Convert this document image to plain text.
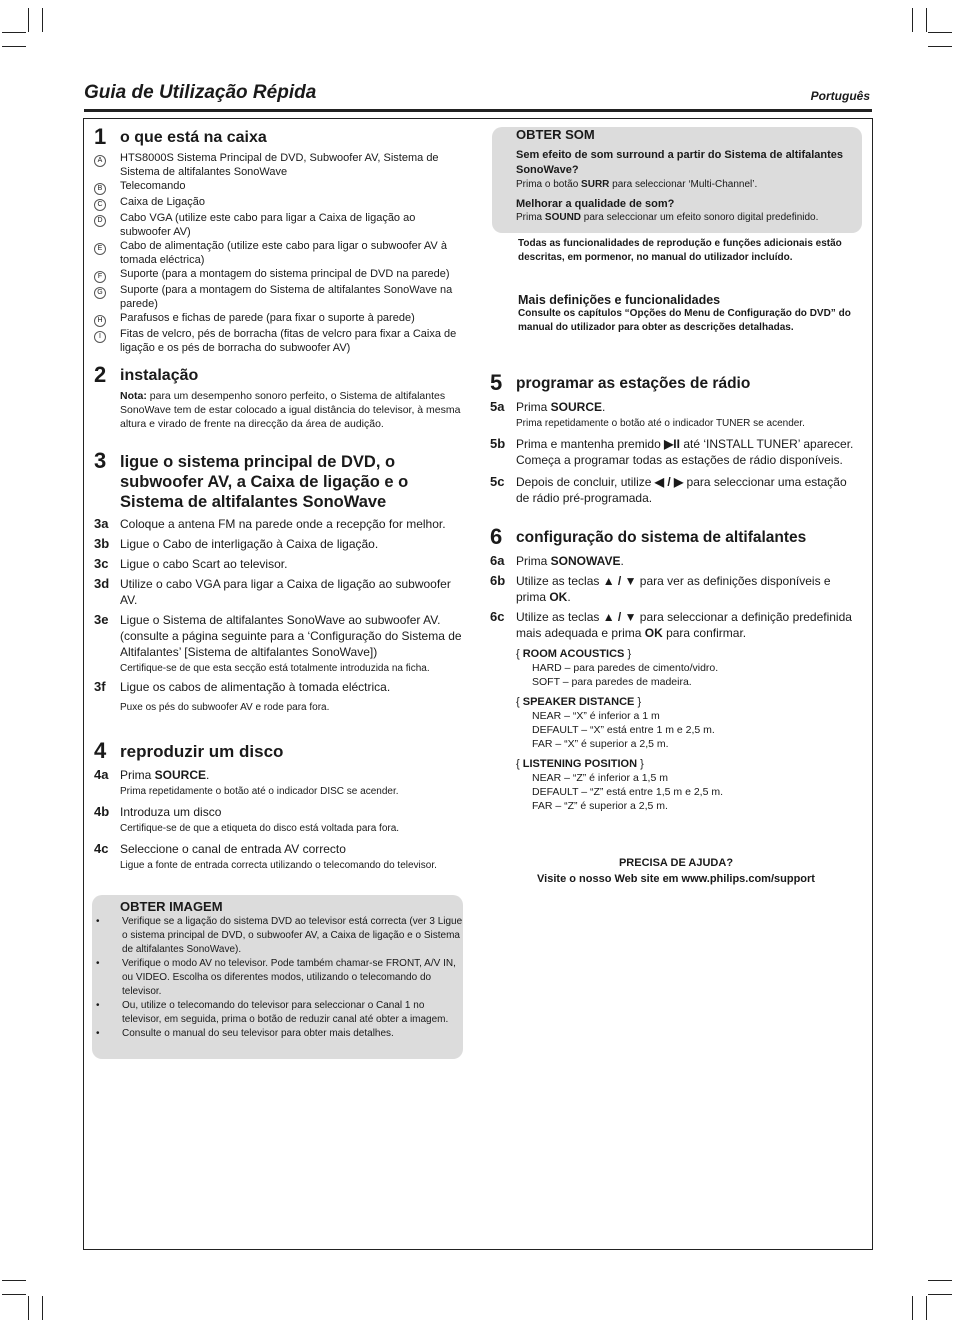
Guia de Utilização Répida	Português
1 o que está na caixa
A	HTS8000S Sistema Principal de DVD, Subwoofer AV, Sistema de Sistema de altifalantes SonoWave
B	Telecomando
C	Caixa de Ligação
D	Cabo VGA (utilize este cabo para ligar a Caixa de ligação ao subwoofer AV)
E	Cabo de alimentação (utilize este cabo para ligar o subwoofer AV à tomada eléctrica)
F	Suporte (para a montagem do sistema principal de DVD na parede)
G	Suporte (para a montagem do Sistema de altifalantes SonoWave na parede)
H	Parafusos e fichas de parede (para fixar o suporte à parede)
I	Fitas de velcro, pés de borracha (fitas de velcro para fixar a Caixa de ligação e os pés de borracha do subwoofer AV)
2 instalação
Nota: para um desempenho sonoro perfeito, o Sistema de altifalantes SonoWave tem de estar colocado a igual distância do televisor, à mesma altura e virado de frente na direcção da área de audição.
3 ligue o sistema principal de DVD, o subwoofer AV, a Caixa de ligação e o Sistema de altifalantes SonoWave
3a Coloque a antena FM na parede onde a recepção for melhor.
3b Ligue o Cabo de interligação à Caixa de ligação.
3c Ligue o cabo Scart ao televisor.
3d Utilize o cabo VGA para ligar a Caixa de ligação ao subwoofer AV.
3e Ligue o Sistema de altifalantes SonoWave ao subwoofer AV. (consulte a página seguinte para a ‘Configuração do Sistema de Altifalantes’ [Sistema de altifalantes SonoWave])
Certifique-se de que esta secção está totalmente introduzida na ficha.
3f	Ligue os cabos de alimentação à tomada eléctrica.
Puxe os pés do subwoofer AV e rode para fora.
4 reproduzir um disco
4a Prima SOURCE.
Prima repetidamente o botão até o indicador DISC se acender.
4b Introduza um disco
Certifique-se de que a etiqueta do disco está voltada para fora.
4c Seleccione o canal de entrada AV correcto
Ligue a fonte de entrada correcta utilizando o telecomando do televisor.
OBTER IMAGEM
•	Verifique se a ligação do sistema DVD ao televisor está correcta (ver 3 Ligue o sistema principal de DVD, o subwoofer AV, a Caixa de ligação e o Sistema de altifalantes SonoWave).
•	Verifique o modo AV no televisor. Pode também chamar-se FRONT, A/V IN, ou VIDEO. Escolha os diferentes modos, utilizando o telecomando do televisor.
•	Ou, utilize o telecomando do televisor para seleccionar o Canal 1 no televisor, em seguida, prima o botão de reduzir canal até obter a imagem.
•	Consulte o manual do seu televisor para obter mais detalhes.
OBTER SOM
Sem efeito de som surround a partir do Sistema de altifalantes SonoWave?
Prima o botão SURR para seleccionar ‘Multi-Channel’.
Melhorar a qualidade de som?
Prima SOUND para seleccionar um efeito sonoro digital predefinido.
Todas as funcionalidades de reprodução e funções adicionais estão descritas, em pormenor, no manual do utilizador incluído.
Mais definições e funcionalidades
Consulte os capítulos “Opções do Menu de Configuração do DVD” do manual do utilizador para obter as descrições detalhadas.
5 programar as estações de rádio
5a Prima SOURCE.
Prima repetidamente o botão até o indicador TUNER se acender.
5b Prima e mantenha premido ▶II até ‘INSTALL TUNER’ aparecer. Começa a programar todas as estações de rádio disponíveis.
5c Depois de concluir, utilize ◀ / ▶ para seleccionar uma estação de rádio pré-programada.
6 configuração do sistema de altifalantes
6a Prima SONOWAVE.
6b Utilize as teclas ▲ / ▼ para ver as definições disponíveis e prima OK.
6c Utilize as teclas ▲ / ▼ para seleccionar a definição predefinida mais adequada e prima OK para confirmar.
{ ROOM ACOUSTICS }
HARD – para paredes de cimento/vidro.
SOFT – para paredes de madeira.
{ SPEAKER DISTANCE }
NEAR – “X” é inferior a 1 m
DEFAULT – “X” está entre 1 m e 2,5 m.
FAR – “X” é superior a 2,5 m.
{ LISTENING POSITION }
NEAR – “Z” é inferior a 1,5 m
DEFAULT – “Z” está entre 1,5 m e 2,5 m.
FAR – “Z” é superior a 2,5 m.
PRECISA DE AJUDA?
Visite o nosso Web site em www.philips.com/support
